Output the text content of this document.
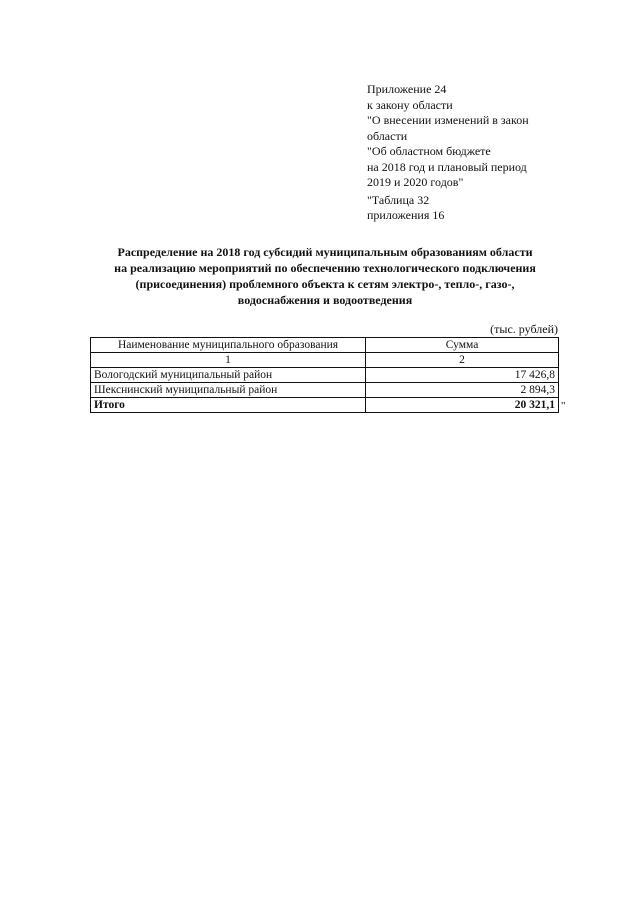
Приложение 24
к закону области
"О внесении изменений в закон
области
"Об областном бюджете
на 2018 год и плановый период
2019 и 2020 годов"
"Таблица 32
приложения 16
Распределение на 2018 год субсидий муниципальным образованиям области
на реализацию мероприятий по обеспечению технологического подключения
(присоединения) проблемного объекта к сетям электро-, тепло-, газо-,
водоснабжения и водоотведения
(тыс. рублей)
Наименование муниципального образования	Сумма
1	2
Вологодский муниципальный район	17 426,8
Шекснинский муниципальный район	2 894,3
Итого	20 321,1 "
